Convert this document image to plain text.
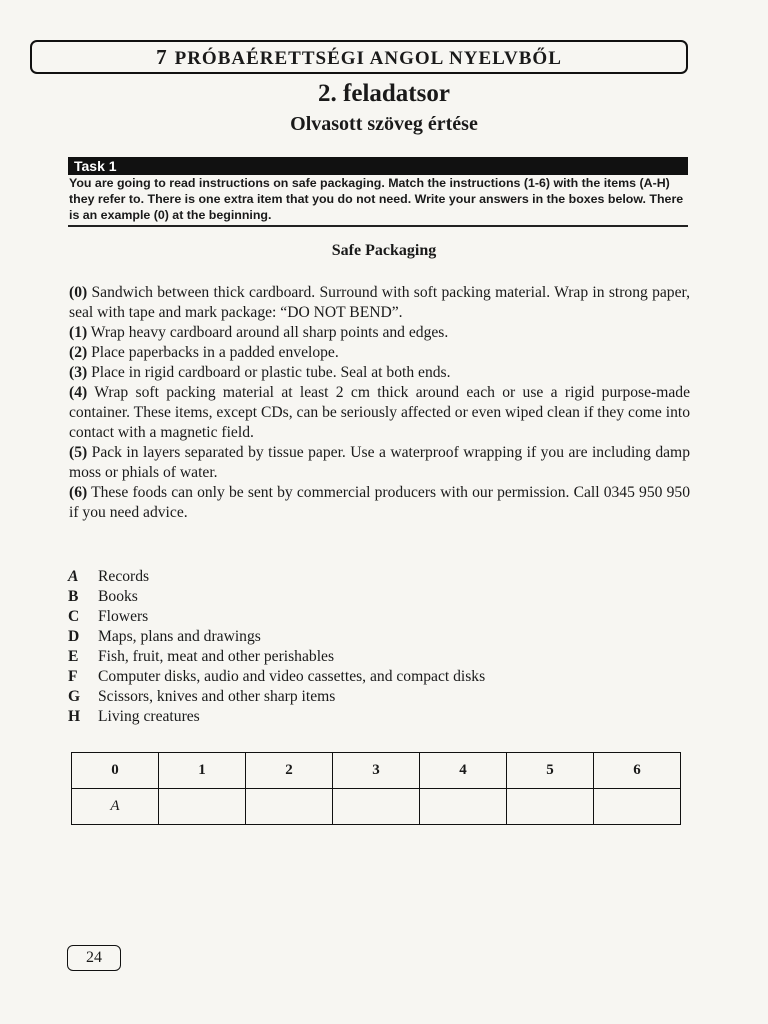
7 PRÓBAÉRETTSÉGI ANGOL NYELVBŐL
2. feladatsor
Olvasott szöveg értése
Task 1
You are going to read instructions on safe packaging. Match the instructions (1-6) with the items (A-H) they refer to. There is one extra item that you do not need. Write your answers in the boxes below. There is an example (0) at the beginning.
Safe Packaging

(0) Sandwich between thick cardboard. Surround with soft packing material. Wrap in strong paper, seal with tape and mark package: “DO NOT BEND”.

(1) Wrap heavy cardboard around all sharp points and edges.

(2) Place paperbacks in a padded envelope.

(3) Place in rigid cardboard or plastic tube. Seal at both ends.

(4) Wrap soft packing material at least 2 cm thick around each or use a rigid purpose-made container. These items, except CDs, can be seriously affected or even wiped clean if they come into contact with a magnetic field.

(5) Pack in layers separated by tissue paper. Use a waterproof wrapping if you are including damp moss or phials of water.

(6) These foods can only be sent by commercial producers with our permission. Call 0345 950 950 if you need advice.

A	Records
B	Books
C	Flowers
D	Maps, plans and drawings
E	Fish, fruit, meat and other perishables
F	Computer disks, audio and video cassettes, and compact disks
G	Scissors, knives and other sharp items
H	Living creatures
0	1	2	3	4	5	6
A						
24
